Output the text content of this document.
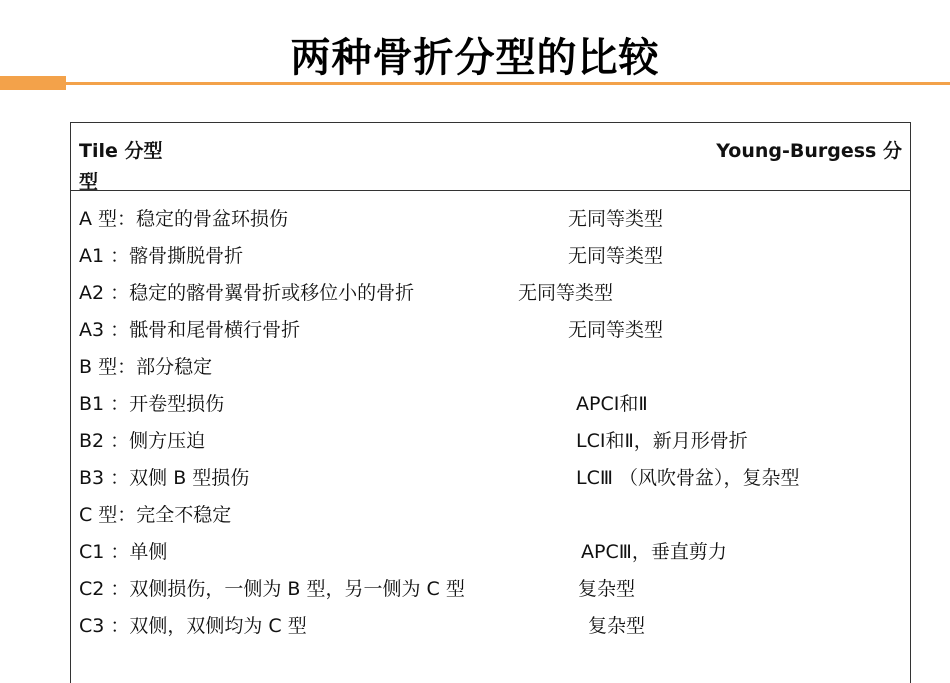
两种骨折分型的比较
Tile 分型	Young-Burgess 分
型
A 型：稳定的骨盆环损伤	无同等类型
A1 ：髂骨撕脱骨折	无同等类型
A2 ：稳定的髂骨翼骨折或移位小的骨折	无同等类型
A3 ：骶骨和尾骨横行骨折	无同等类型
B 型：部分稳定
B1 ：开卷型损伤	APCⅠ和Ⅱ
B2 ：侧方压迫	LCⅠ和Ⅱ，新月形骨折
B3 ：双侧 B 型损伤	LCⅢ （风吹骨盆），复杂型
C 型：完全不稳定
C1 ：单侧	APCⅢ，垂直剪力
C2 ：双侧损伤，一侧为 B 型，另一侧为 C 型	复杂型
C3 ：双侧，双侧均为 C 型	复杂型
